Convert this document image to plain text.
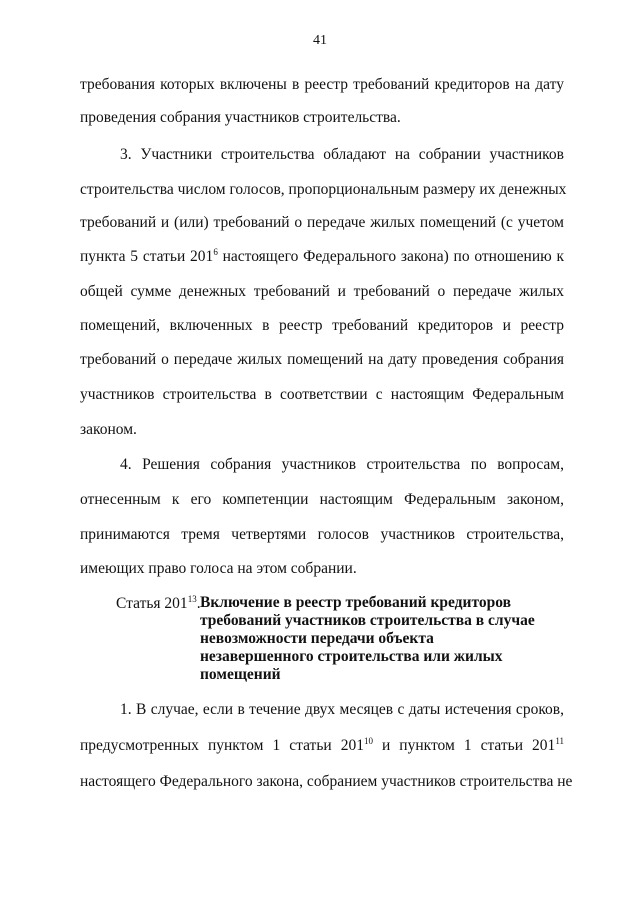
41
требования которых включены в реестр требований кредиторов на дату
проведения собрания участников строительства.
3. Участники строительства обладают на собрании участников
строительства числом голосов, пропорциональным размеру их денежных
требований и (или) требований о передаче жилых помещений (с учетом
пункта 5 статьи $201^6$ настоящего Федерального закона) по отношению к
общей сумме денежных требований и требований о передаче жилых
помещений, включенных в реестр требований кредиторов и реестр
требований о передаче жилых помещений на дату проведения собрания
участников строительства в соответствии с настоящим Федеральным
законом.
4. Решения собрания участников строительства по вопросам,
отнесенным к его компетенции настоящим Федеральным законом,
принимаются тремя четвертями голосов участников строительства,
имеющих право голоса на этом собрании.
Статья $201^{13}$. Включение в реестр требований кредиторов
требований участников строительства в случае
невозможности передачи объекта
незавершенного строительства или жилых
помещений
1. В случае, если в течение двух месяцев с даты истечения сроков,
предусмотренных пунктом 1 статьи $201^{10}$ и пунктом 1 статьи $201^{11}$
настоящего Федерального закона, собранием участников строительства не
